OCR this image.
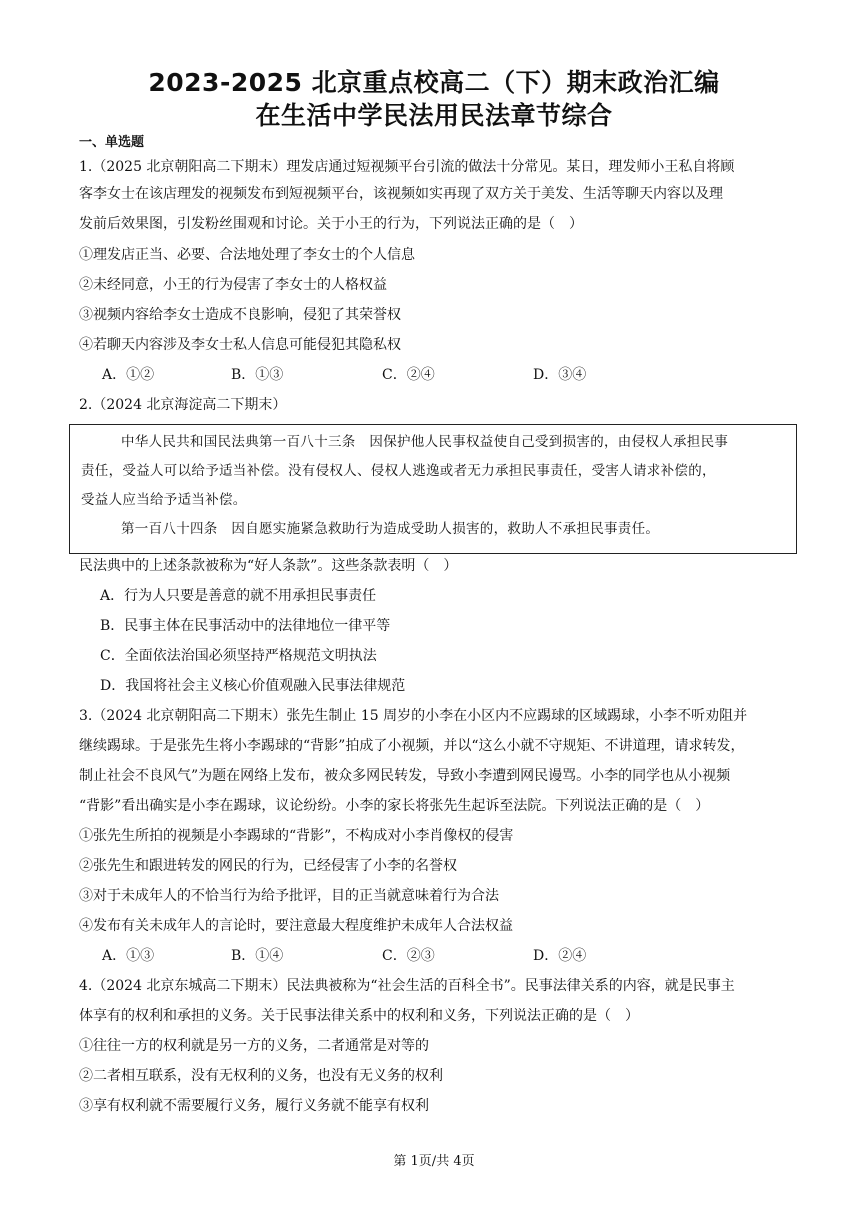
2023-2025 北京重点校高二（下）期末政治汇编
在生活中学民法用民法章节综合
一、单选题
1.（2025 北京朝阳高二下期末）理发店通过短视频平台引流的做法十分常见。某日，理发师小王私自将顾
客李女士在该店理发的视频发布到短视频平台，该视频如实再现了双方关于美发、生活等聊天内容以及理
发前后效果图，引发粉丝围观和讨论。关于小王的行为，下列说法正确的是（　）
①理发店正当、必要、合法地处理了李女士的个人信息
②未经同意，小王的行为侵害了李女士的人格权益
③视频内容给李女士造成不良影响，侵犯了其荣誉权
④若聊天内容涉及李女士私人信息可能侵犯其隐私权
A．①②	B．①③	C．②④	D．③④
2.（2024 北京海淀高二下期末）
中华人民共和国民法典第一百八十三条　因保护他人民事权益使自己受到损害的，由侵权人承担民事
责任，受益人可以给予适当补偿。没有侵权人、侵权人逃逸或者无力承担民事责任，受害人请求补偿的，
受益人应当给予适当补偿。
第一百八十四条　因自愿实施紧急救助行为造成受助人损害的，救助人不承担民事责任。
民法典中的上述条款被称为“好人条款”。这些条款表明（　）
A．行为人只要是善意的就不用承担民事责任
B．民事主体在民事活动中的法律地位一律平等
C．全面依法治国必须坚持严格规范文明执法
D．我国将社会主义核心价值观融入民事法律规范
3.（2024 北京朝阳高二下期末）张先生制止 15 周岁的小李在小区内不应踢球的区域踢球，小李不听劝阻并
继续踢球。于是张先生将小李踢球的“背影”拍成了小视频，并以“这么小就不守规矩、不讲道理，请求转发，
制止社会不良风气”为题在网络上发布，被众多网民转发，导致小李遭到网民谩骂。小李的同学也从小视频
“背影”看出确实是小李在踢球，议论纷纷。小李的家长将张先生起诉至法院。下列说法正确的是（　）
①张先生所拍的视频是小李踢球的“背影”，不构成对小李肖像权的侵害
②张先生和跟进转发的网民的行为，已经侵害了小李的名誉权
③对于未成年人的不恰当行为给予批评，目的正当就意味着行为合法
④发布有关未成年人的言论时，要注意最大程度维护未成年人合法权益
A．①③	B．①④	C．②③	D．②④
4.（2024 北京东城高二下期末）民法典被称为“社会生活的百科全书”。民事法律关系的内容，就是民事主
体享有的权利和承担的义务。关于民事法律关系中的权利和义务，下列说法正确的是（　）
①往往一方的权利就是另一方的义务，二者通常是对等的
②二者相互联系，没有无权利的义务，也没有无义务的权利
③享有权利就不需要履行义务，履行义务就不能享有权利
第 1页/共 4页
